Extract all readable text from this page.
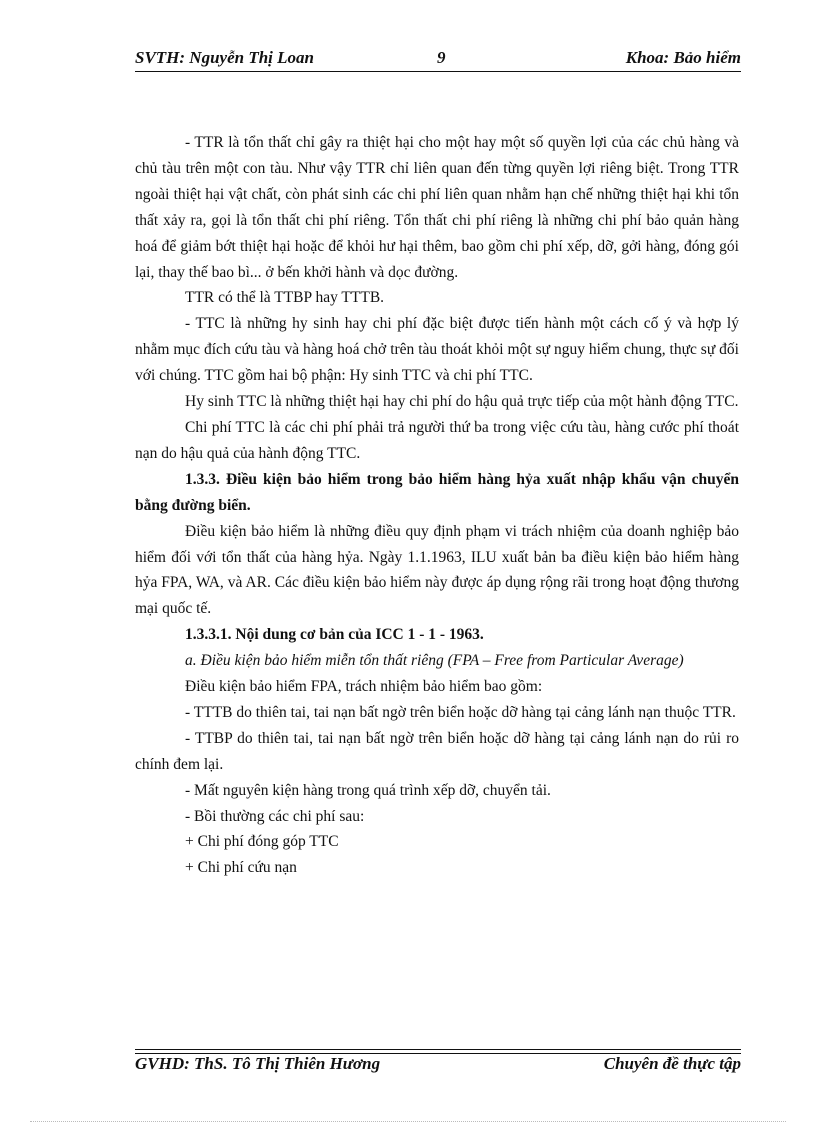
SVTH: Nguyễn Thị Loan	9	Khoa: Bảo hiểm

- TTR là tổn thất chỉ gây ra thiệt hại cho một hay một số quyền lợi của các chủ hàng và chủ tàu trên một con tàu. Như vậy TTR chỉ liên quan đến từng quyền lợi riêng biệt. Trong TTR ngoài thiệt hại vật chất, còn phát sinh các chi phí liên quan nhằm hạn chế những thiệt hại khi tổn thất xảy ra, gọi là tổn thất chi phí riêng. Tổn thất chi phí riêng là những chi phí bảo quản hàng hoá để giảm bớt thiệt hại hoặc để khỏi hư hại thêm, bao gồm chi phí xếp, dỡ, gởi hàng, đóng gói lại, thay thế bao bì... ở bến khởi hành và dọc đường.

TTR có thể là TTBP hay TTTB.

- TTC là những hy sinh hay chi phí đặc biệt được tiến hành một cách cố ý và hợp lý nhằm mục đích cứu tàu và hàng hoá chở trên tàu thoát khỏi một sự nguy hiểm chung, thực sự đối với chúng. TTC gồm hai bộ phận: Hy sinh TTC và chi phí TTC.

Hy sinh TTC là những thiệt hại hay chi phí do hậu quả trực tiếp của một hành động TTC.

Chi phí TTC là các chi phí phải trả người thứ ba trong việc cứu tàu, hàng cước phí thoát nạn do hậu quả của hành động TTC.

1.3.3. Điều kiện bảo hiểm trong bảo hiểm hàng hỷa xuất nhập khẩu vận chuyển bằng đường biển.

Điều kiện bảo hiểm là những điều quy định phạm vi trách nhiệm của doanh nghiệp bảo hiểm đối với tổn thất của hàng hỷa. Ngày 1.1.1963, ILU xuất bản ba điều kiện bảo hiểm hàng hỷa FPA, WA, và AR. Các điều kiện bảo hiểm này được áp dụng rộng rãi trong hoạt động thương mại quốc tế.

1.3.3.1. Nội dung cơ bản của ICC 1 - 1 - 1963.

a. Điều kiện bảo hiểm miễn tổn thất riêng (FPA – Free from Particular Average)

Điều kiện bảo hiểm FPA, trách nhiệm bảo hiểm bao gồm:

- TTTB do thiên tai, tai nạn bất ngờ trên biển hoặc dỡ hàng tại cảng lánh nạn thuộc TTR.

- TTBP do thiên tai, tai nạn bất ngờ trên biển hoặc dỡ hàng tại cảng lánh nạn do rủi ro chính đem lại.

- Mất nguyên kiện hàng trong quá trình xếp dỡ, chuyển tải.

- Bồi thường các chi phí sau:

+ Chi phí đóng góp TTC

+ Chi phí cứu nạn

GVHD: ThS. Tô Thị Thiên Hương	Chuyên đề thực tập
